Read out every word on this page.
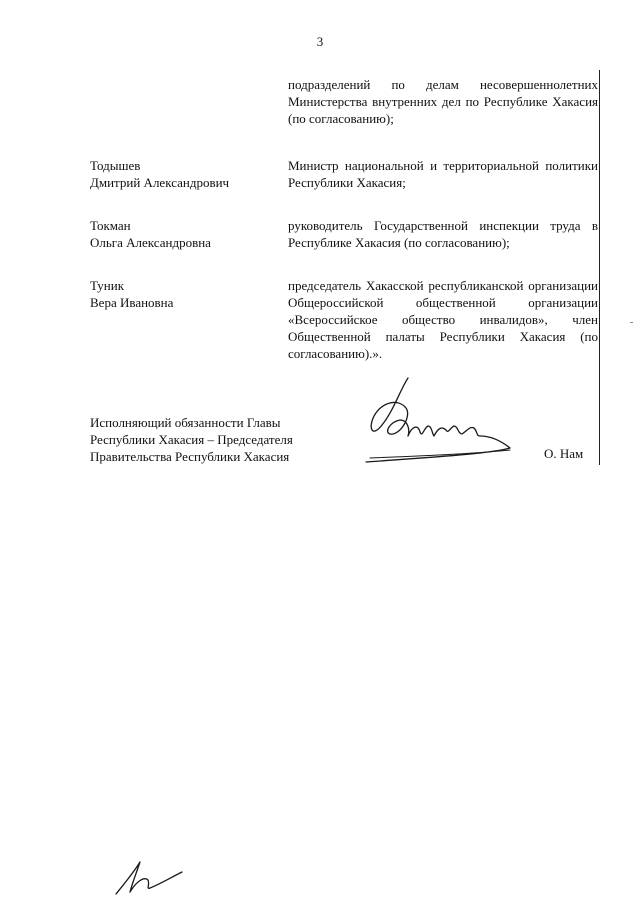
3
подразделений по делам несовершеннолетних Министерства внутренних дел по Республике Хакасия (по согласованию);
Тодышев
Дмитрий Александрович
Министр национальной и территориальной политики Республики Хакасия;
Токман
Ольга Александровна
руководитель Государственной инспекции труда в Республике Хакасия (по согласованию);
Туник
Вера Ивановна
председатель Хакасской республиканской организации Общероссийской общественной организации «Всероссийское общество инвалидов», член Общественной палаты Республики Хакасия (по согласованию).».
Исполняющий обязанности Главы
Республики Хакасия – Председателя
Правительства Республики Хакасия	О. Нам
